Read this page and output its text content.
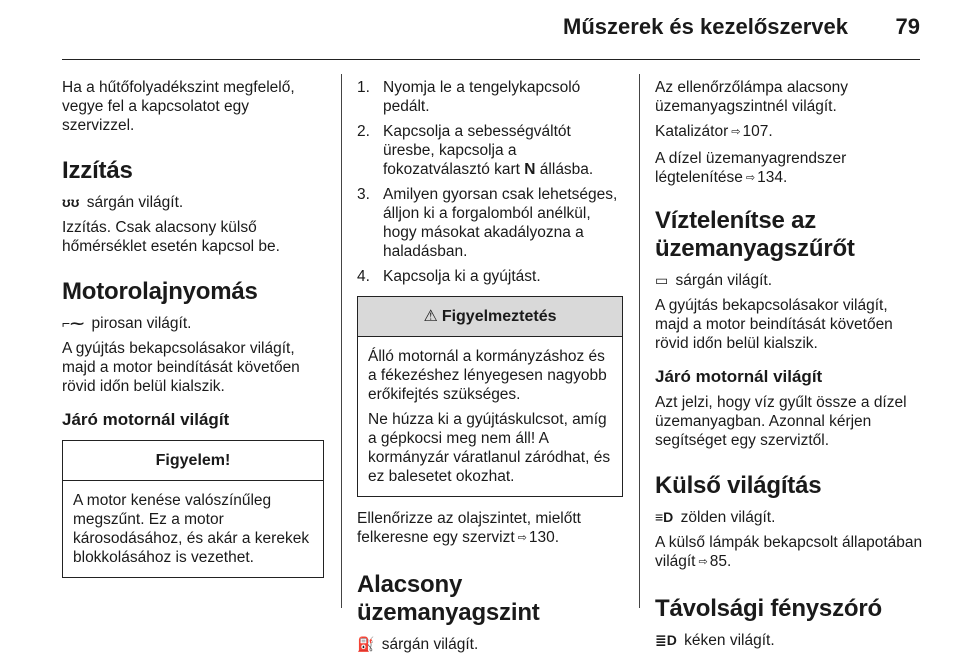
Műszerek és kezelőszervek 79

Ha a hűtőfolyadékszint megfelelő, vegye fel a kapcsolatot egy szervizzel.

Izzítás

ʊʊ sárgán világít.

Izzítás. Csak alacsony külső hőmérséklet esetén kapcsol be.

Motorolajnyomás

⌐⁓ pirosan világít.

A gyújtás bekapcsolásakor világít, majd a motor beindítását követően rövid időn belül kialszik.

Járó motornál világít
Figyelem!

A motor kenése valószínűleg megszűnt. Ez a motor károsodásához, és akár a kerekek blokkolásához is vezethet.

1. Nyomja le a tengelykapcsoló pedált.
2. Kapcsolja a sebességváltót üresbe, kapcsolja a fokozatválasztó kart N állásba.
3. Amilyen gyorsan csak lehetséges, álljon ki a forgalomból anélkül, hogy másokat akadályozna a haladásban.
4. Kapcsolja ki a gyújtást.
⚠ Figyelmeztetés

Álló motornál a kormányzáshoz és a fékezéshez lényegesen nagyobb erőkifejtés szükséges.

Ne húzza ki a gyújtáskulcsot, amíg a gépkocsi meg nem áll! A kormányzár váratlanul záródhat, és ez balesetet okozhat.

Ellenőrizze az olajszintet, mielőtt felkeresne egy szervizt ⇨ 130.

Alacsony üzemanyagszint

⛽ sárgán világít.

Az ellenőrzőlámpa alacsony üzemanyagszintnél világít.

Katalizátor ⇨ 107.

A dízel üzemanyagrendszer légtelenítése ⇨ 134.

Víztelenítse az üzemanyagszűrőt

▭ sárgán világít.

A gyújtás bekapcsolásakor világít, majd a motor beindítását követően rövid időn belül kialszik.

Járó motornál világít

Azt jelzi, hogy víz gyűlt össze a dízel üzemanyagban. Azonnal kérjen segítséget egy szerviztől.

Külső világítás

≡D zölden világít.

A külső lámpák bekapcsolt állapotában világít ⇨ 85.

Távolsági fényszóró

≣D kéken világít.
